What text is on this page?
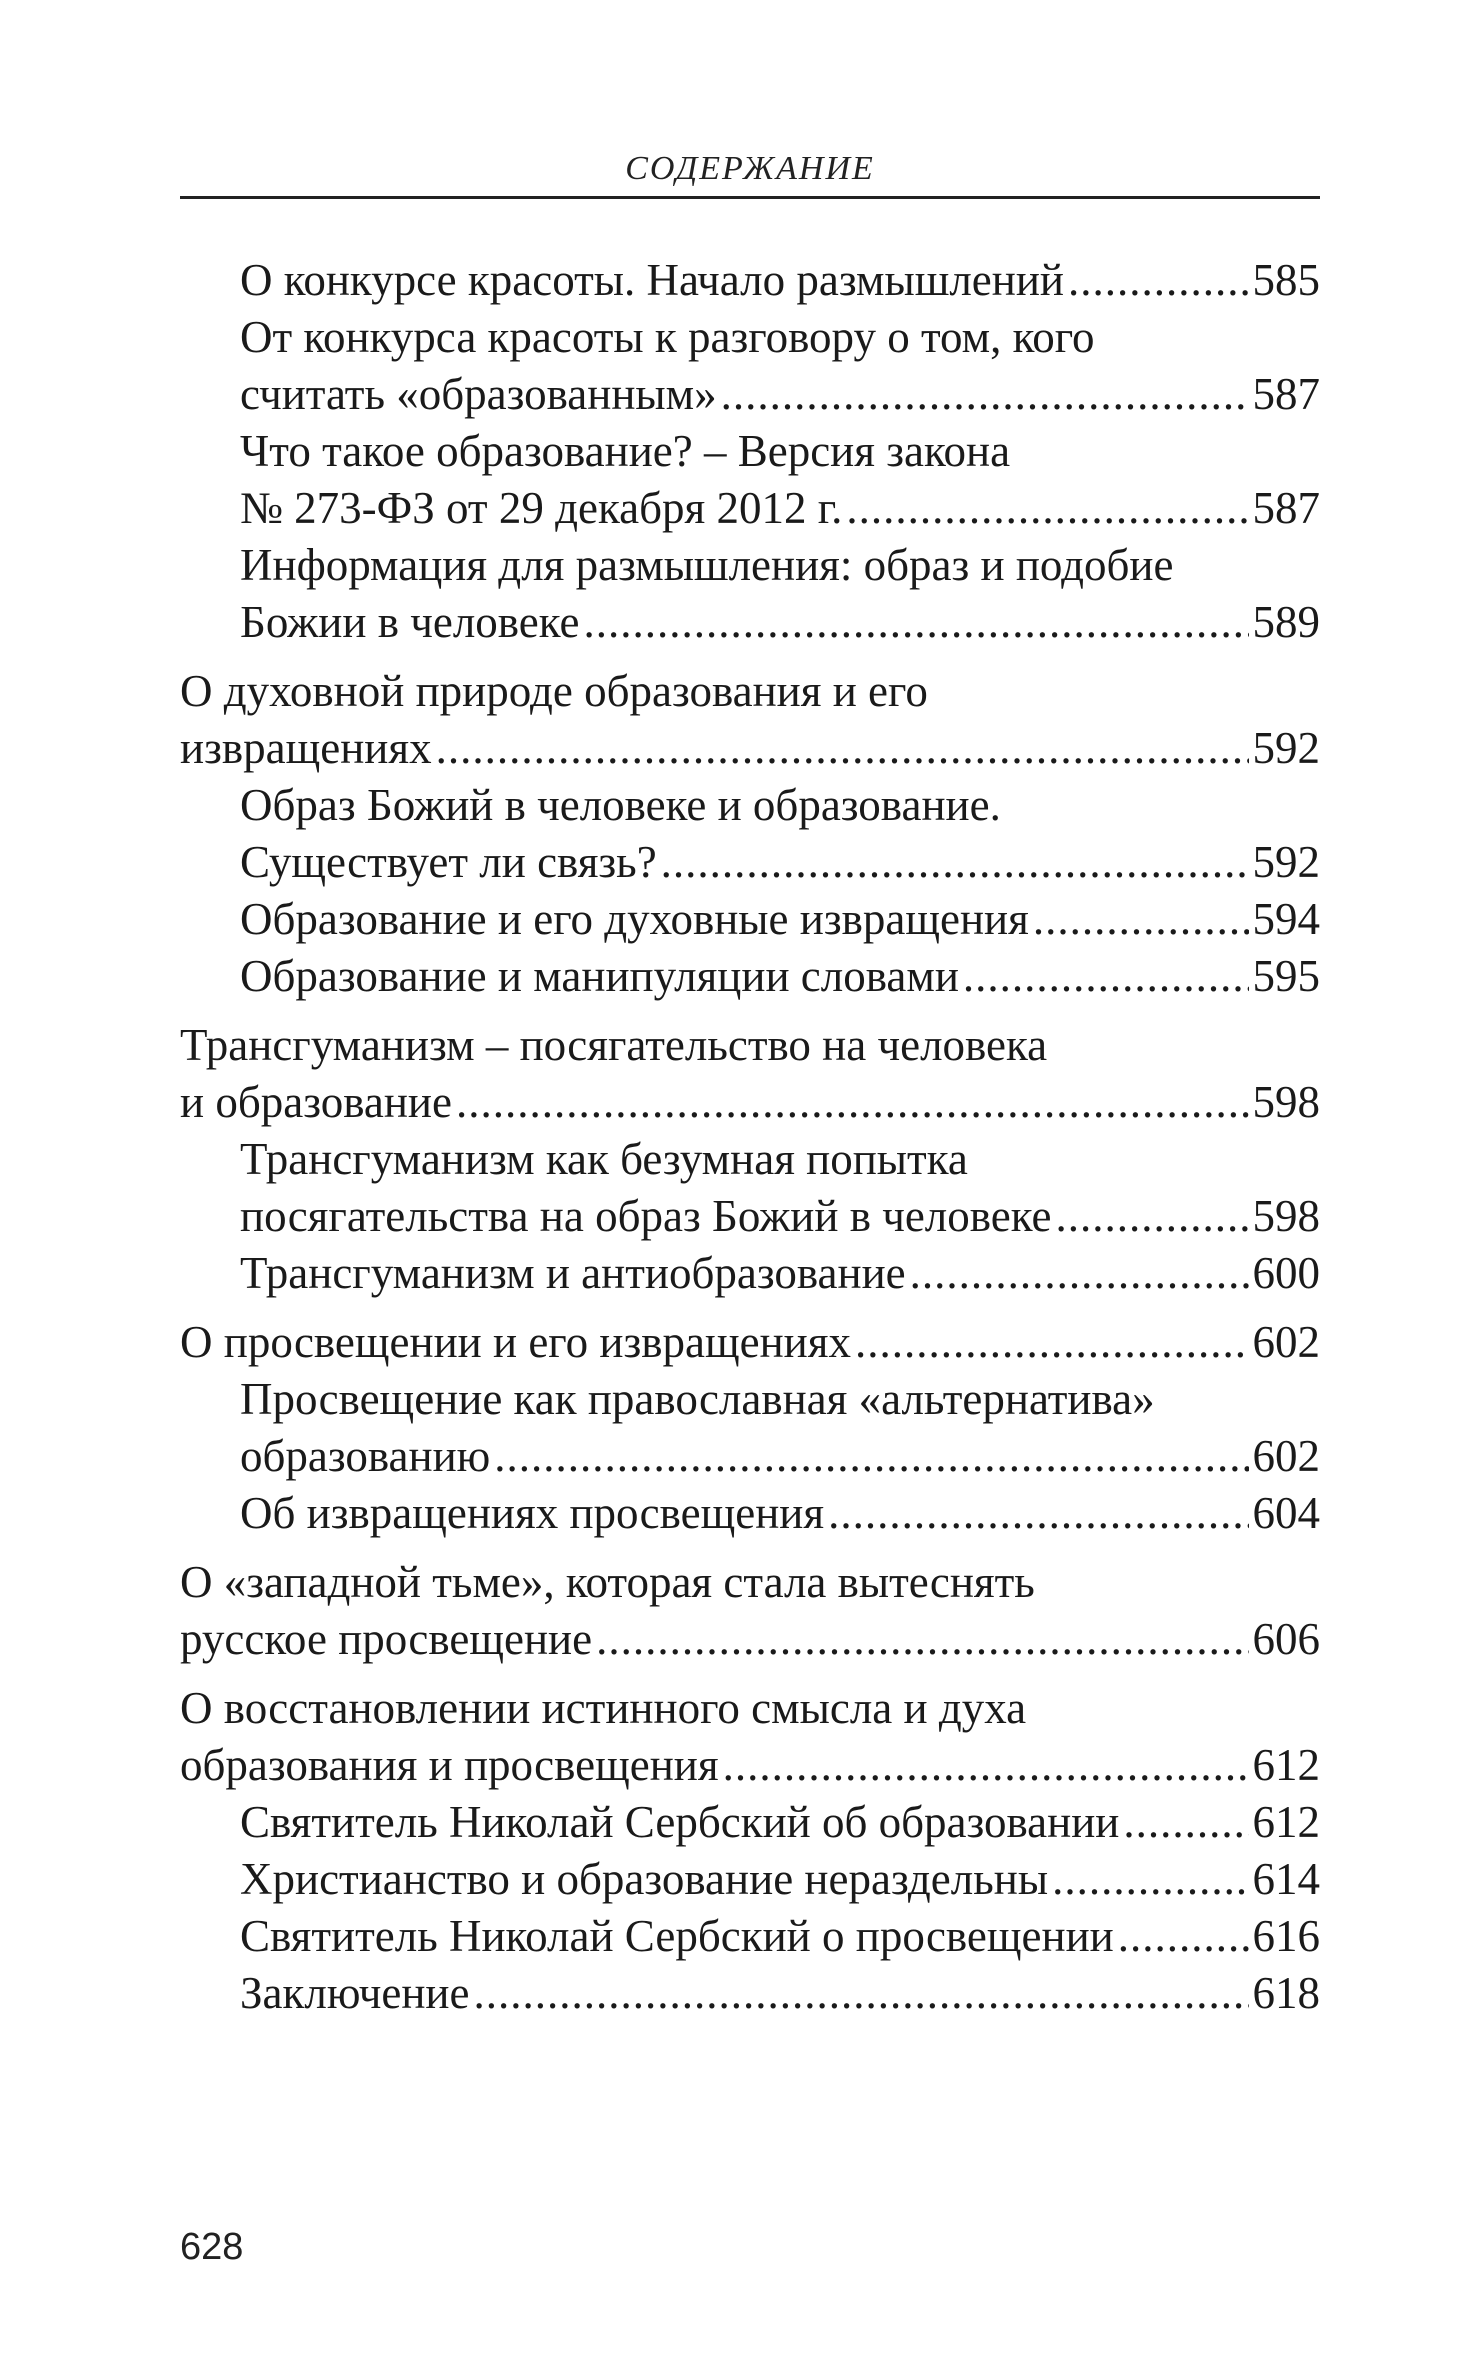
СОДЕРЖАНИЕ
О конкурсе красоты. Начало размышлений .....	585
От конкурса красоты к разговору о том, кого
считать «образованным» .....	587
Что такое образование? – Версия закона
№ 273-ФЗ от 29 декабря 2012 г. .....	587
Информация для размышления: образ и подобие
Божии в человеке .....	589
О духовной природе образования и его
извращениях .....	592
Образ Божий в человеке и образование.
Существует ли связь? .....	592
Образование и его духовные извращения .....	594
Образование и манипуляции словами .....	595
Трансгуманизм – посягательство на человека
и образование .....	598
Трансгуманизм как безумная попытка
посягательства на образ Божий в человеке .....	598
Трансгуманизм и антиобразование .....	600
О просвещении и его извращениях .....	602
Просвещение как православная «альтернатива»
образованию .....	602
Об извращениях просвещения .....	604
О «западной тьме», которая стала вытеснять
русское просвещение .....	606
О восстановлении истинного смысла и духа
образования и просвещения .....	612
Святитель Николай Сербский об образовании .....	612
Христианство и образование нераздельны .....	614
Святитель Николай Сербский о просвещении .....	616
Заключение .....	618
628
